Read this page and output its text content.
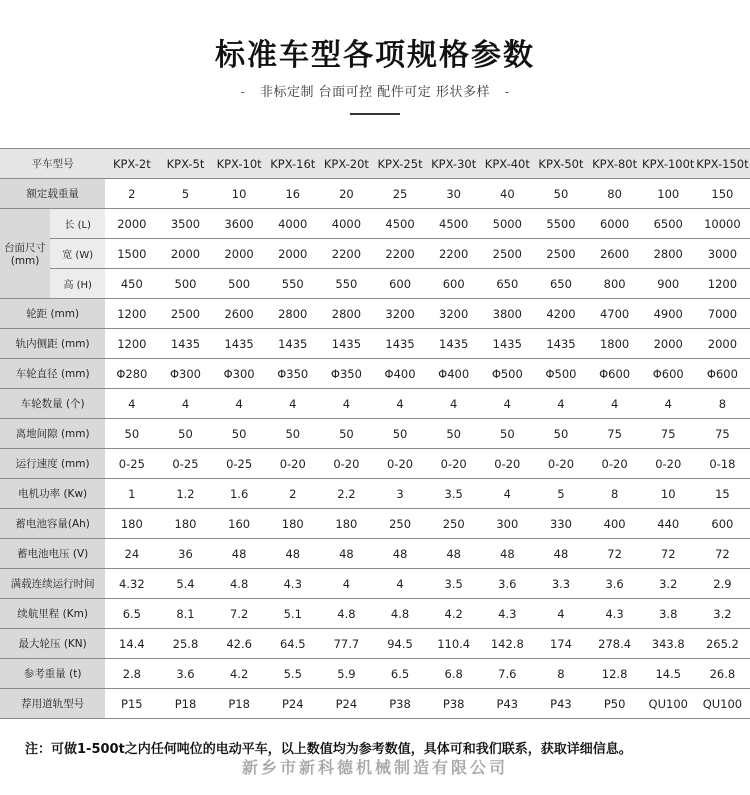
标准车型各项规格参数
- 非标定制 台面可控 配件可定 形状多样 -
平车型号		KPX-2t	KPX-5t	KPX-10t	KPX-16t	KPX-20t	KPX-25t	KPX-30t	KPX-40t	KPX-50t	KPX-80t	KPX-100t	KPX-150t
额定载重量		2	5	10	16	20	25	30	40	50	80	100	150

台面尺寸
(mm)	长 (L)	2000	3500	3600	4000	4000	4500	4500	5000	5500	6000	6500	10000
	宽 (W)	1500	2000	2000	2000	2200	2200	2200	2500	2500	2600	2800	3000
	高 (H)	450	500	500	550	550	600	600	650	650	800	900	1200
轮距 (mm)		1200	2500	2600	2800	2800	3200	3200	3800	4200	4700	4900	7000
轨内侧距 (mm)		1200	1435	1435	1435	1435	1435	1435	1435	1435	1800	2000	2000
车轮直径 (mm)		Φ280	Φ300	Φ300	Φ350	Φ350	Φ400	Φ400	Φ500	Φ500	Φ600	Φ600	Φ600
车轮数量 (个)		4	4	4	4	4	4	4	4	4	4	4	8
离地间隙 (mm)		50	50	50	50	50	50	50	50	50	75	75	75
运行速度 (mm)		0-25	0-25	0-25	0-20	0-20	0-20	0-20	0-20	0-20	0-20	0-20	0-18
电机功率 (Kw)		1	1.2	1.6	2	2.2	3	3.5	4	5	8	10	15
蓄电池容量(Ah)		180	180	160	180	180	250	250	300	330	400	440	600
蓄电池电压 (V)		24	36	48	48	48	48	48	48	48	72	72	72
满载连续运行时间		4.32	5.4	4.8	4.3	4	4	3.5	3.6	3.3	3.6	3.2	2.9
续航里程 (Km)		6.5	8.1	7.2	5.1	4.8	4.8	4.2	4.3	4	4.3	3.8	3.2
最大轮压 (KN)		14.4	25.8	42.6	64.5	77.7	94.5	110.4	142.8	174	278.4	343.8	265.2
参考重量 (t)		2.8	3.6	4.2	5.5	5.9	6.5	6.8	7.6	8	12.8	14.5	26.8
荐用道轨型号		P15	P18	P18	P24	P24	P38	P38	P43	P43	P50	QU100	QU100
注：可做1-500t之内任何吨位的电动平车，以上数值均为参考数值，具体可和我们联系，获取详细信息。
新乡市新科德机械制造有限公司
